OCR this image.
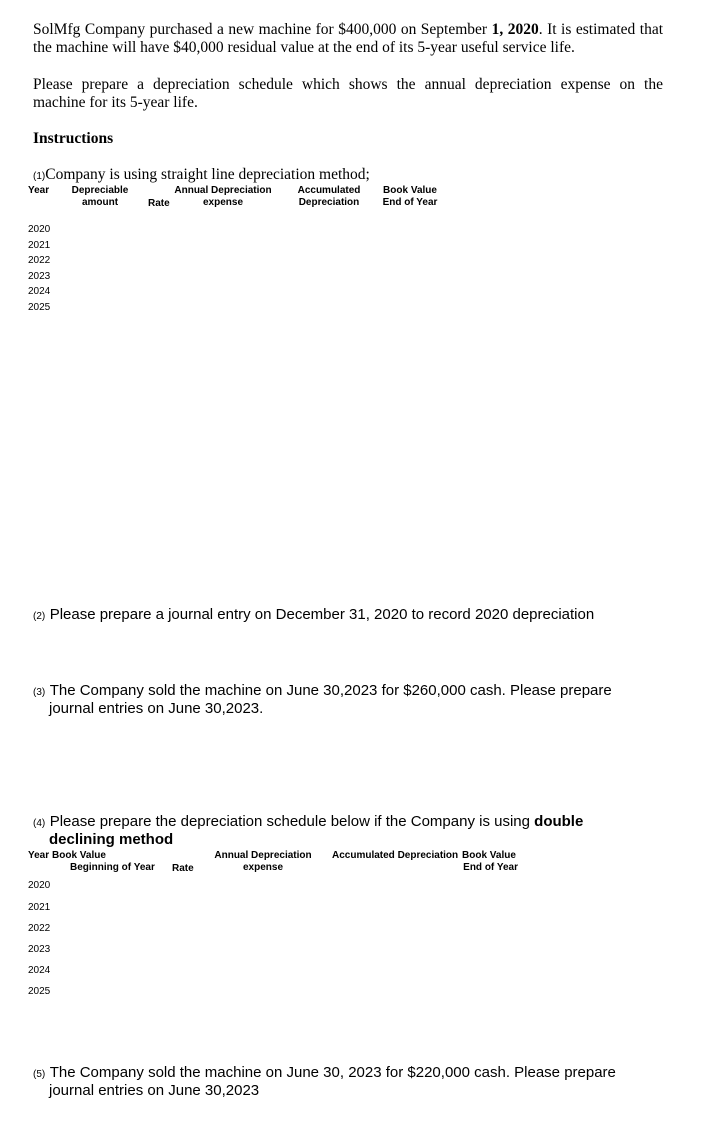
SolMfg Company purchased a new machine for $400,000 on September 1, 2020. It is estimated that
the machine will have $40,000 residual value at the end of its 5-year useful service life.
Please prepare a depreciation schedule which shows the annual depreciation expense on the
machine for its 5-year life.
Instructions
(1)Company is using straight line depreciation method;
Year Depreciable
amount	Rate
Annual Depreciation
expense
Accumulated
Depreciation
Book Value
End of Year
2020
2021
2022
2023
2024
2025
(2) Please prepare a journal entry on December 31, 2020 to record 2020 depreciation
(3) The Company sold the machine on June 30,2023 for $260,000 cash. Please prepare
journal entries on June 30,2023.
(4) Please prepare the depreciation schedule below if the Company is using double
declining method
Year Book Value
Beginning of Year Rate
Annual Depreciation
expense
Accumulated Depreciation Book Value
End of Year
2020
2021
2022
2023
2024
2025
(5) The Company sold the machine on June 30, 2023 for $220,000 cash. Please prepare
journal entries on June 30,2023
